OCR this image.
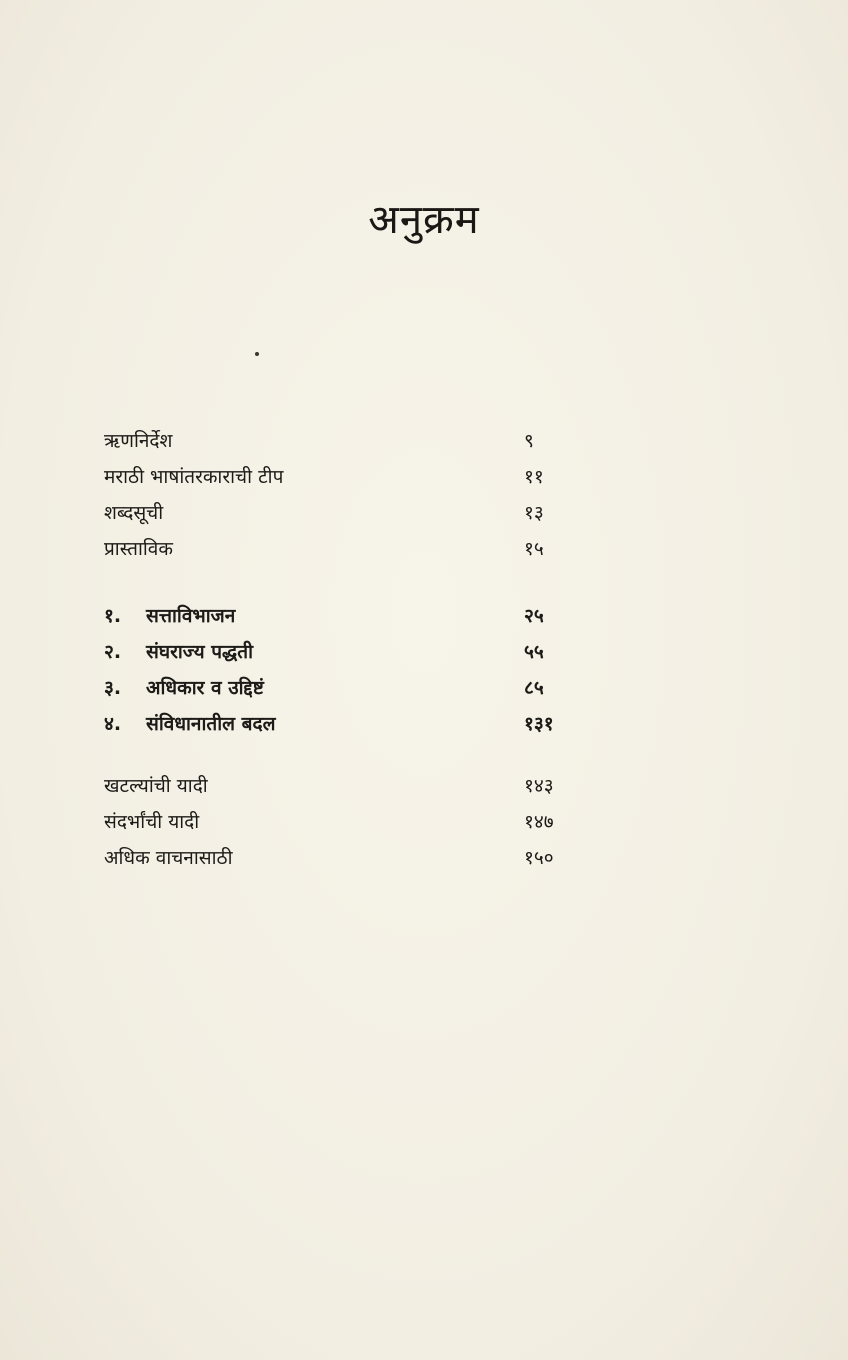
अनुक्रम
ऋणनिर्देश	९
मराठी भाषांतरकाराची टीप	११
शब्दसूची	१३
प्रास्ताविक	१५
१. सत्ताविभाजन	२५
२. संघराज्य पद्धती	५५
३. अधिकार व उद्दिष्टं	८५
४. संविधानातील बदल	१३१
खटल्यांची यादी	१४३
संदर्भांची यादी	१४७
अधिक वाचनासाठी	१५०
